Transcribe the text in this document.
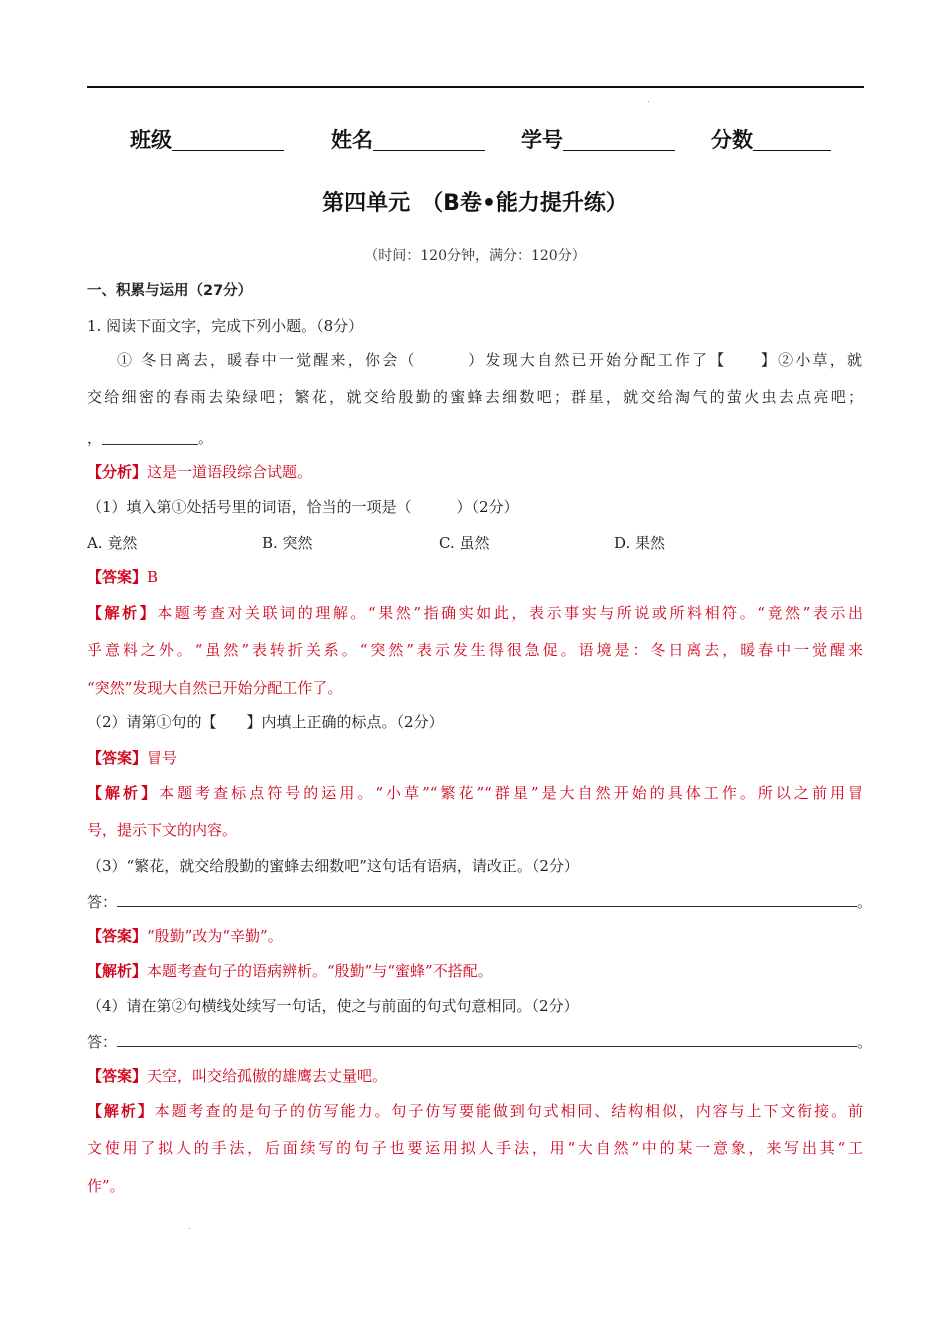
班级	姓名	学号	分数
第四单元　（B卷•能力提升练）
（时间：120分钟，满分：120分）
一、积累与运用（27分）
1. 阅读下面文字，完成下列小题。（8分）
① 冬日离去，暖春中一觉醒来，你会（　　　）发现大自然已开始分配工作了【　　】②小草，就
交给细密的春雨去染绿吧；繁花，就交给殷勤的蜜蜂去细数吧；群星，就交给淘气的萤火虫去点亮吧；
，	。
【分析】这是一道语段综合试题。
（1）填入第①处括号里的词语，恰当的一项是（　　　）（2分）
A. 竟然	B. 突然	C. 虽然	D. 果然
【答案】B
【解析】本题考查对关联词的理解。“果然”指确实如此，表示事实与所说或所料相符。“竟然”表示出
乎意料之外。“虽然”表转折关系。“突然”表示发生得很急促。语境是：冬日离去，暖春中一觉醒来
“突然”发现大自然已开始分配工作了。
（2）请第①句的【　　】内填上正确的标点。（2分）
【答案】冒号
【解析】本题考查标点符号的运用。“小草”“繁花”“群星”是大自然开始的具体工作。所以之前用冒
号，提示下文的内容。
（3）“繁花，就交给殷勤的蜜蜂去细数吧”这句话有语病，请改正。（2分）
答：	。
【答案】“殷勤”改为“辛勤”。
【解析】本题考查句子的语病辨析。“殷勤”与“蜜蜂”不搭配。
（4）请在第②句横线处续写一句话，使之与前面的句式句意相同。（2分）
答：	。
【答案】天空，叫交给孤傲的雄鹰去丈量吧。
【解析】本题考查的是句子的仿写能力。句子仿写要能做到句式相同、结构相似，内容与上下文衔接。前
文使用了拟人的手法，后面续写的句子也要运用拟人手法，用“大自然”中的某一意象，来写出其“工
作”。
